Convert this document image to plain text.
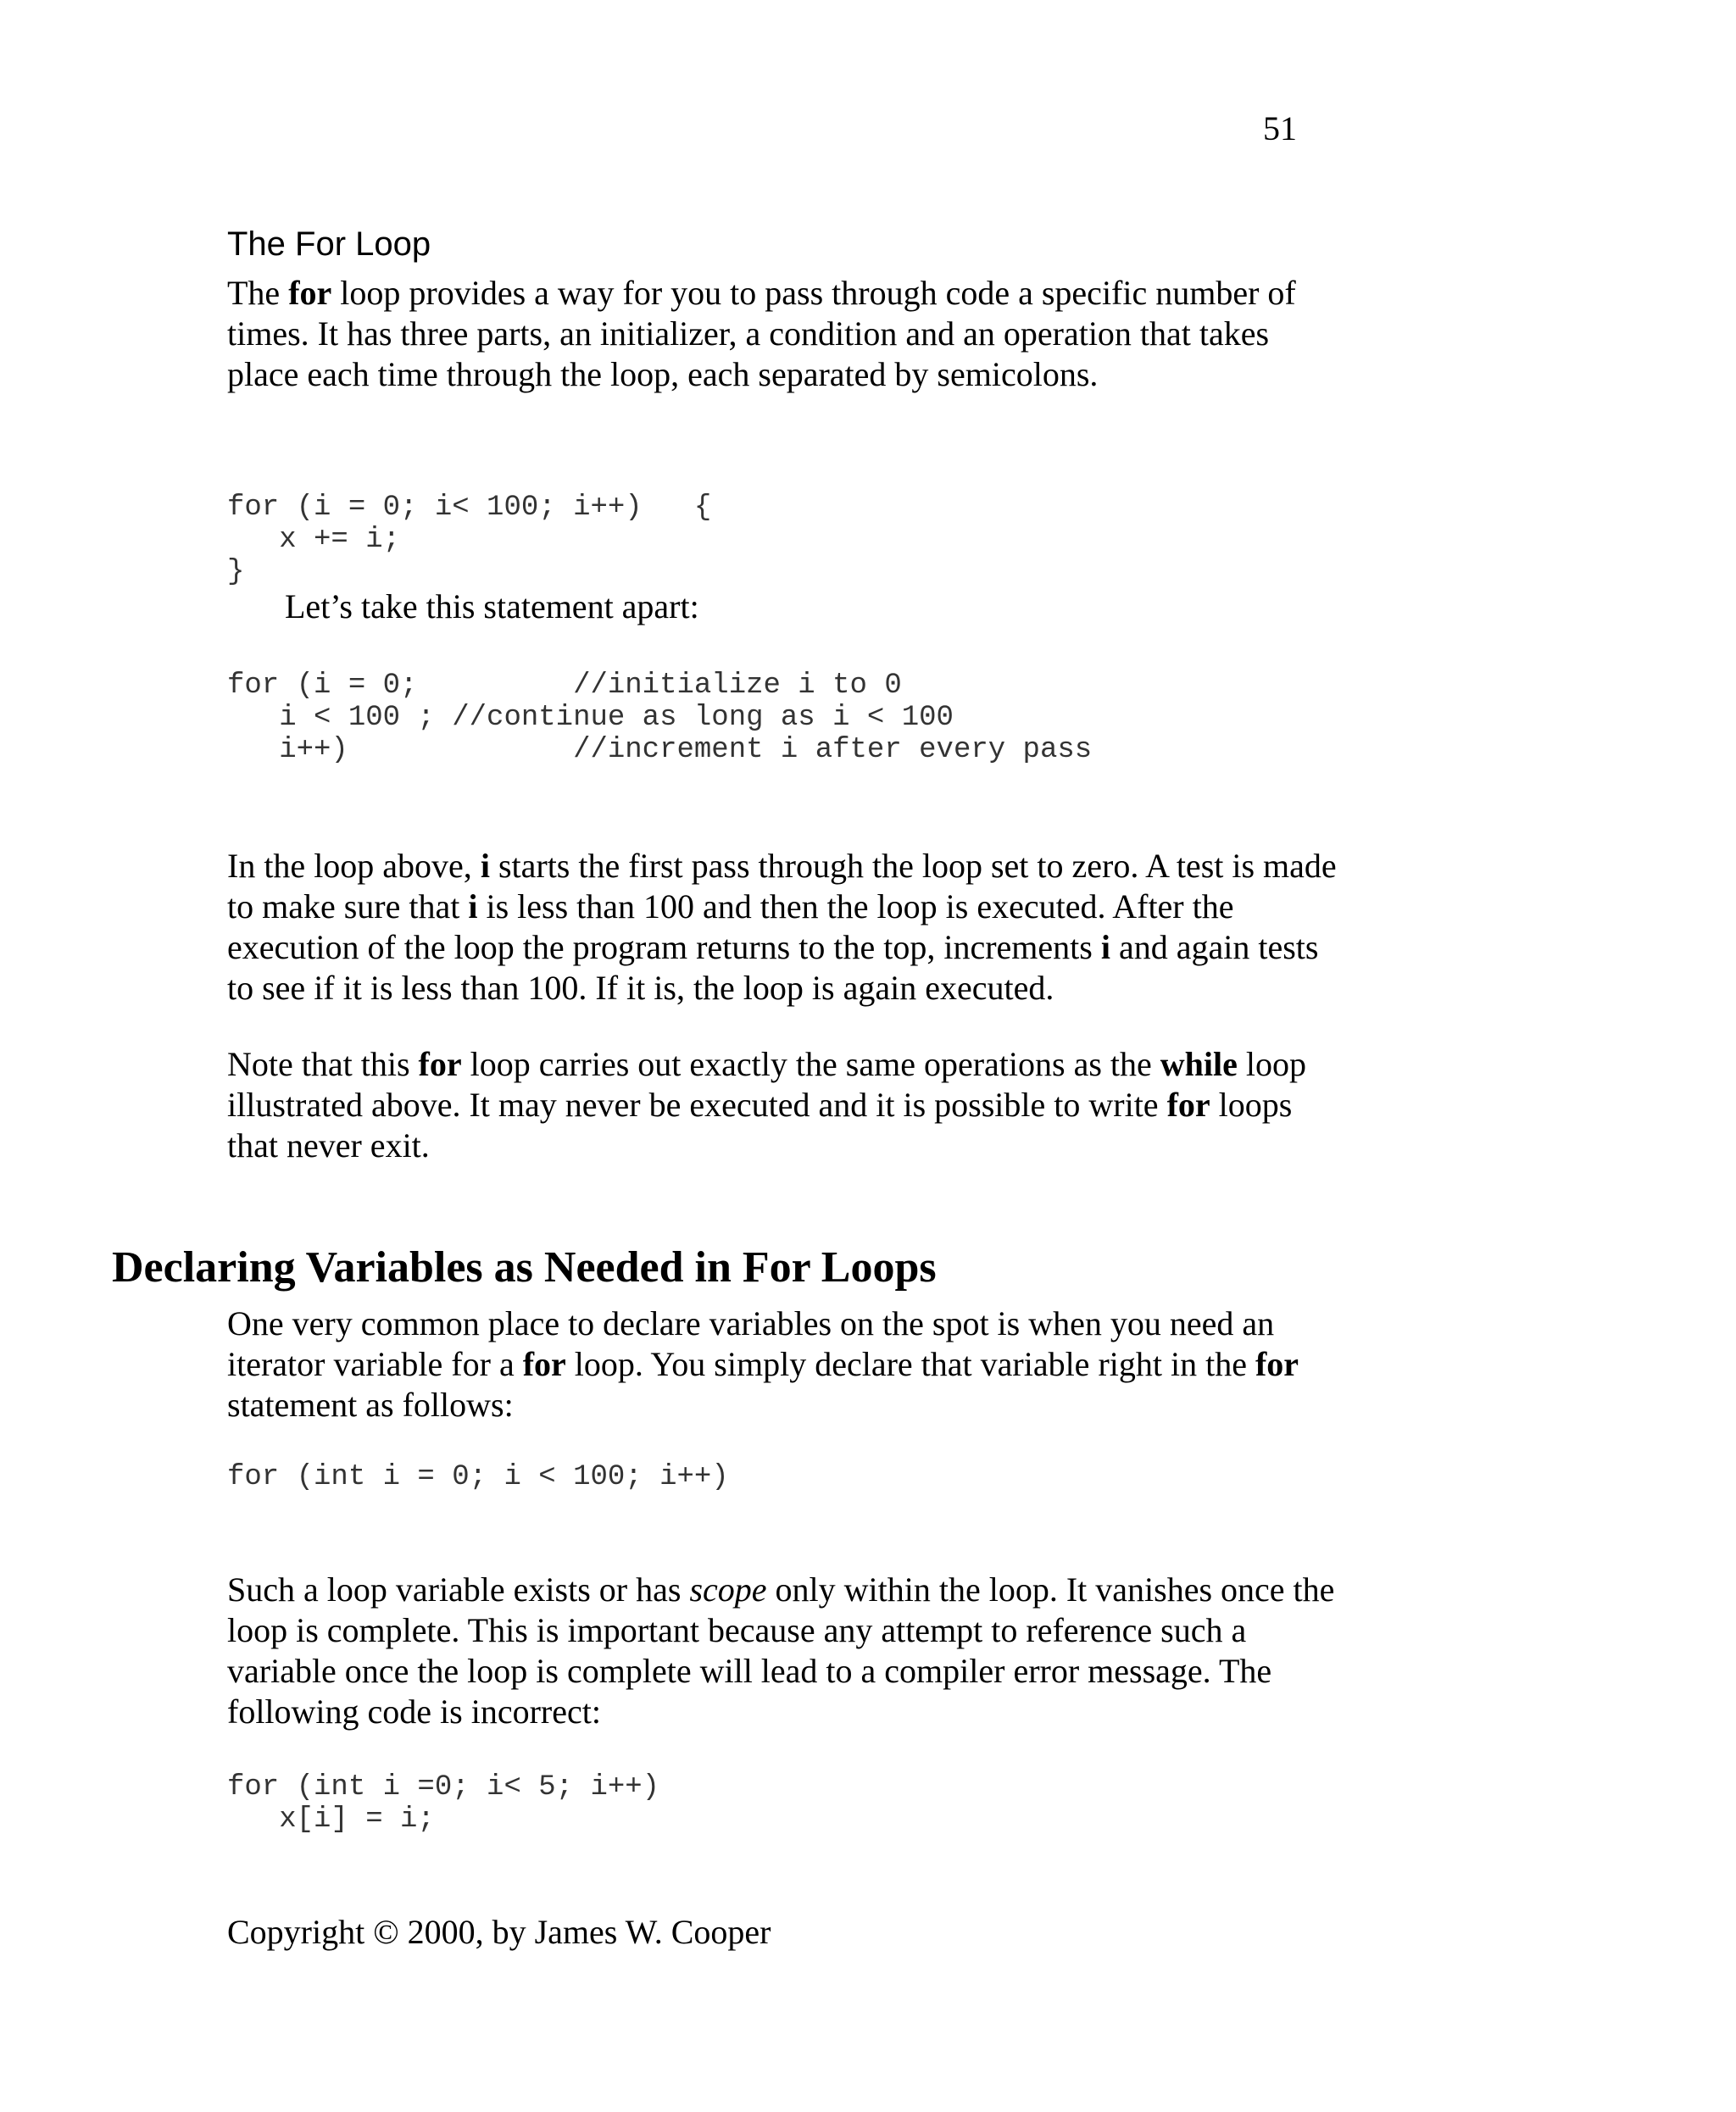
51
The For Loop

The for loop provides a way for you to pass through code a specific number of times. It has three parts, an initializer, a condition and an operation that takes place each time through the loop, each separated by semicolons.

for (i = 0; i< 100; i++)   {
x += i;
}
Let’s take this statement apart:
for (i = 0;         //initialize i to 0
i < 100 ; //continue as long as i < 100
i++)             //increment i after every pass

In the loop above, i starts the first pass through the loop set to zero. A test is made to make sure that i is less than 100 and then the loop is executed. After the execution of the loop the program returns to the top, increments i and again tests to see if it is less than 100. If it is, the loop is again executed.

Note that this for loop carries out exactly the same operations as the while loop illustrated above. It may never be executed and it is possible to write for loops that never exit.

Declaring Variables as Needed in For Loops

One very common place to declare variables on the spot is when you need an iterator variable for a for loop. You simply declare that variable right in the for statement as follows:

for (int i = 0; i < 100; i++)

Such a loop variable exists or has scope only within the loop. It vanishes once the loop is complete. This is important because any attempt to reference such a variable once the loop is complete will lead to a compiler error message. The following code is incorrect:

for (int i =0; i< 5; i++)
x[i] = i;
Copyright © 2000, by James W. Cooper
